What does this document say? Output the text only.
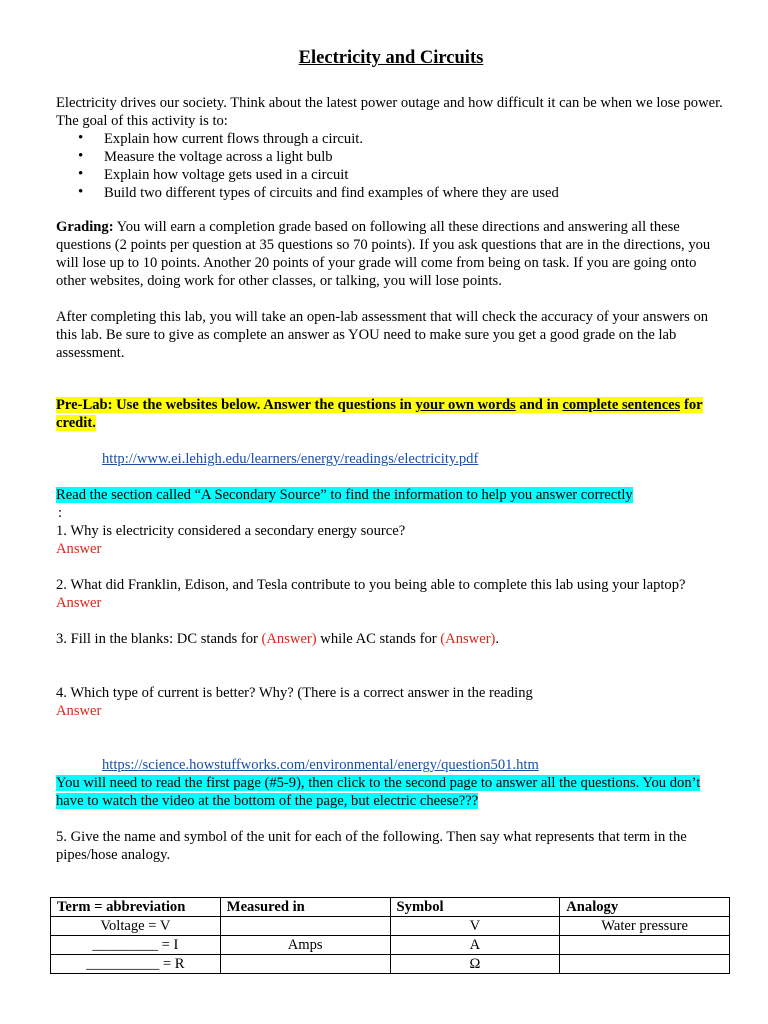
Electricity and Circuits

Electricity drives our society. Think about the latest power outage and how difficult it can be when we lose power. The goal of this activity is to:

• Explain how current flows through a circuit.
• Measure the voltage across a light bulb
• Explain how voltage gets used in a circuit
• Build two different types of circuits and find examples of where they are used

Grading: You will earn a completion grade based on following all these directions and answering all these questions (2 points per question at 35 questions so 70 points). If you ask questions that are in the directions, you will lose up to 10 points. Another 20 points of your grade will come from being on task. If you are going onto other websites, doing work for other classes, or talking, you will lose points.

After completing this lab, you will take an open-lab assessment that will check the accuracy of your answers on this lab. Be sure to give as complete an answer as YOU need to make sure you get a good grade on the lab assessment.

Pre-Lab: Use the websites below. Answer the questions in your own words and in complete sentences for credit.

http://www.ei.lehigh.edu/learners/energy/readings/electricity.pdf

Read the section called “A Secondary Source” to find the information to help you answer correctly

:

1. Why is electricity considered a secondary energy source?

Answer

2. What did Franklin, Edison, and Tesla contribute to you being able to complete this lab using your laptop?

Answer

3. Fill in the blanks: DC stands for (Answer) while AC stands for (Answer).

4. Which type of current is better? Why? (There is a correct answer in the reading

Answer

https://science.howstuffworks.com/environmental/energy/question501.htm

You will need to read the first page (#5-9), then click to the second page to answer all the questions. You don’t have to watch the video at the bottom of the page, but electric cheese???

5. Give the name and symbol of the unit for each of the following. Then say what represents that term in the pipes/hose analogy.

Term = abbreviation	Measured in	Symbol	Analogy
Voltage = V		V	Water pressure
_________ = I	Amps	A	
__________ = R		Ω	
